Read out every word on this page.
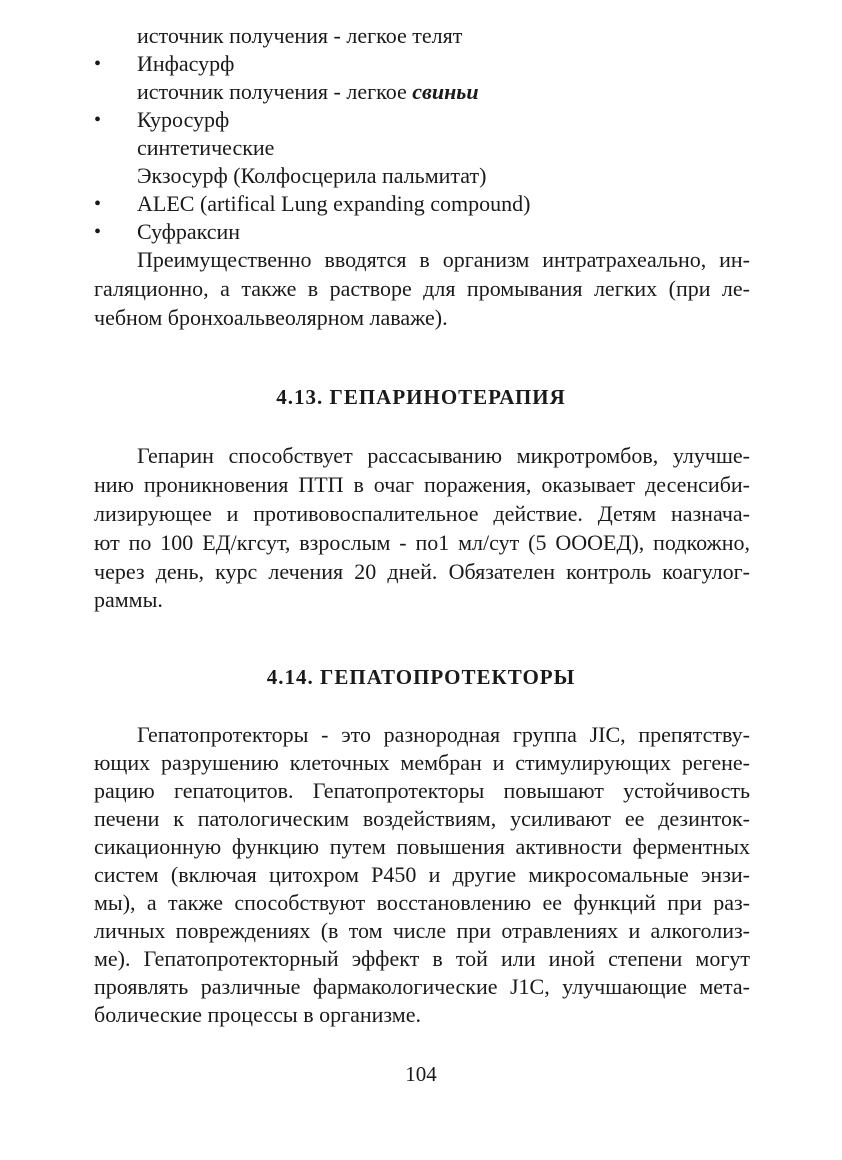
источник получения - легкое телят
• Инфасурф
источник получения - легкое свиньи
• Куросурф
синтетические
Экзосурф (Колфосцерила пальмитат)
• ALEC (artifical Lung expanding compound)
• Суфраксин
Преимущественно вводятся в организм интратрахеально, ин-
галяционно, а также в растворе для промывания легких (при ле-
чебном бронхоальвеолярном лаваже).
4.13. ГЕПАРИНОТЕРАПИЯ
Гепарин способствует рассасыванию микротромбов, улучше-
нию проникновения ПТП в очаг поражения, оказывает десенсиби-
лизирующее и противовоспалительное действие. Детям назнача-
ют по 100 ЕД/кгсут, взрослым - по1 мл/сут (5 ОООЕД), подкожно,
через день, курс лечения 20 дней. Обязателен контроль коагулог-
раммы.
4.14. ГЕПАТОПРОТЕКТОРЫ
Гепатопротекторы - это разнородная группа JIC, препятству-
ющих разрушению клеточных мембран и стимулирующих регене-
рацию гепатоцитов. Гепатопротекторы повышают устойчивость
печени к патологическим воздействиям, усиливают ее дезинток-
сикационную функцию путем повышения активности ферментных
систем (включая цитохром Р450 и другие микросомальные энзи-
мы), а также способствуют восстановлению ее функций при раз-
личных повреждениях (в том числе при отравлениях и алкоголиз-
ме). Гепатопротекторный эффект в той или иной степени могут
проявлять различные фармакологические J1C, улучшающие мета-
болические процессы в организме.
104
